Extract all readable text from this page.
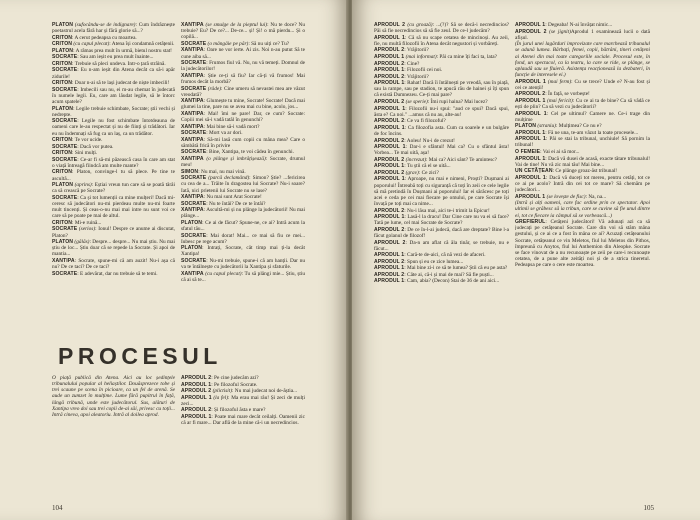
PLATON (sufocându-se de indignare): Cum îndrăznește poetastrul acela fără har și fără glorie să...?

CRITON: A cerut pedeapsa cu moartea.

CRITON (cu capul plecat): Atena își condamnă cetățenii.

PLATON: A rămas prea mult în urmă, bietul nostru stat!

SOCRATE: Sau am ieșit eu prea mult înainte...

CRITON: Trebuie să pleci undeva. Intr-o țară străină.

SOCRATE: Eu n-am ieșit din Atena decât ca să-i apăr zidurile!

CRITON: Doar n-ai să te lași judecat de niște imbecili!

SOCRATE: Imbecili sau nu, ei m-au chemat în judecată în numele legii. Eu, care am lăudat legile, să le întorc acum spatele?

PLATON: Legile trebuie schimbate, Socrate; știi vechi și nedrepte.

SOCRATE: Legile nu fost schimbate întotdeauna de oameni care le-au respectat și nu de ființi și trădători. Iar eu nu îndemnați să fug ca un laș, ca un trădător.

CRITON: Te vor ucide.

SOCRATE: Dacă vor putea.

CRITON: Sini mulți.

SOCRATE: Ce-ar fi să-mi păzească casa în care am stat o viață întreagă fiindcă am multe mante?

CRITON: Platon, convinge-l tu să plece. Pe tine te ascultă...

PLATON (aprins): Eștiai vreun tun care să se poată târâi ca să crească pe Socrate?

SOCRATE: Ca și tot lumenții ca mine mulțeri! Dacă mi-ceresc să judecători nu-mi pierdeau multe nu-mi foarte mult tincenți. Și ceas-o-nu mai mai intre nu sunt voi ce care să pe poate pe mai de altul.

CRITON: Mi-e ruină...

SOCRATE (serios): Ionul! Despre ce anume ai discutat, Platon?

PLATON (gălăs): Despre... despre... Nu mai știu. Nu mai știu de loc... Știu doar că se repede la Socrate. Și apoi de mantia...

XANTIPA: Socrate, spune-mi că am auzit! Nu-i așa că nu? De ce taci? De ce taci?

SOCRATE: E adevărat, dar nu trebuie să te temi.

XANTIPA (se smulge de la pieptul lui): Nu te doce? Nu trebuie? Eu? De ce?... De-ce... și! Și! o mă pierdu... Și o copilă...

SOCRATE (o mângâie pe păr): Să nu uiți ce? Tu?

XANTIPA: Oare ne vor ierte. Ai zis. Noi n-au putut Să te cune aiba să...

SOCRATE: Frumos fiul vă. Nu, nu vă temeți. Domnul de la judecătorilor!

XANTIPA: Știe ce-ți să fiu? Iar că-ți vă frumos! Mai frumos decât la morbă?

SOCRATE (râde): Cine umeru să nevastei mea are văzut vreodată?

XANTIPA: Glumește tu mine, Socrate! Socrate! Dacă mai glumei la tine, pare nu se avea mai cu bine, acolo, jos...

XANTIPA: Mai! îmi ne pare! Dar, ce cum? Socrate: Copiii mei să-i vadă tatăl în genunchi?

XANTIPA: Mai bine să-i vadă mort?

SOCRATE: Mort va ar dori.

XANTIPA: Să-mi lasă cum copii cu mâna mea? Care o sămbătă frică în privire

SOCRATE: Bine, Xantipa, te voi cădea în genunchi.

XANTIPA (o plânge și imbrățișează): Socrate, drumul meu!

SIMON: Nu mai, nu mai vină.

SOCRATE (parcă declamând): Simon? Știe? ...fericirea cu cea de a... Trăite în dragostea lui Socrate? Nu-i soare? Iată, nici prietenii lui Socrate nu se lase?

XANTIPA: Nu mai sunt Arat Socrate!

SOCRATE: Nu te întâi? De ce te întâi?

XANTIPA: Ascultă-mi și nu plânge la judecătorii! Nu mai plânge...

PLATON: Ce ai de făcut? Spune-ne, ce ai? Intră acum la sfatul tău...

SOCRATE: Mai dorat! Mai... ce mai să fiu ce mei... Iubesc pe rege acum?

PLATON: Intrați, Socrate, cât timp mai ți-la decât Xantipa!

SOCRATE: Nu-mi trebuie, spune-i că am hanții. Dar nu va te întâlnește cu judecătorii la Xantipa și sfaturile.

XANTIPA (cu capul plecat): Tu să plângi mie... Știu, știu că ai să te...

PROCESUL

O piață publică din Atena. Aici au loc ședințele tribunalului popular al heliaștilor. Douăsprezece tobe și trei scaune pe scena în picioare, ca un fel de arenă. Se aude un zumzet în mulțime. Lume fără pupitrul în față, lângă tribună, unde este judecătorul. Sus, alături de Xantipa vreo doi sau trei copii de-ai săi, privesc cu toții... Intră cineva, apoi aleatoriu. Intră al doilea aprod.

APRODUL 2: Pe cine judecăm azi?

APRODUL 1: Pe filozoful Socrate.

APRODUL 2 (plictisit): Nu mai judecat noi de-ăștia...

APRODUL 1 (la fel): Ma erau mai rău! Și zeci de mulți zeci...

APRODUL 2: Și filozoful ăsta e mare?

APRODUL 1: Poate mai mare decât ceilalți. Oamenii zic că ar fi mare... Dar află de la mine că-i un necredincios.

104

APRODUL 2 (cu groază): ...(?)? Să se decă-i necredincios? Păi să fie necredincios să să fie zeul. De ce-l judecăm?

APRODUL 1: Că să nu scape cetatea de mincinoși. Au zeii, fie, nu multă filozofii în Atena decât negustori și vorbăreți.

APRODUL 2: Vrăjitorii?

APRODUL 1 (mai informat): Păi ca mine îți faci ta, lata?

APRODUL 2: Cine?

APRODUL 1: Filozofii cei noi.

APRODUL 2: Vrăjitorii?

APRODUL 1: Rahat! Dacă îi întâlnești pe vreodă, sau în piață, sau la rampe, sau pe stadion, te apucă rău de hainei și îți spun că există Dumnezeu. Ce-ți mai pare?

APRODUL 2 (se sperie): Îmi rupi haina? Mai lucez?

APRODUL 1: Filozofii nu-i spui: "aud ce spui? Dacă spui, ăsta e? Ca noi." ...amus că nu au, alte-au!

APRODUL 2: Ce va fi filozoful?

APRODUL 1: Ca filozofia asta. Cum ca soarele e un bulgăre de foc încins.

APRODUL 2: Aoleu! Nu-i de crezut!

APRODUL 1: Dar-i e sfântul! Mai ca? Cu o sfântul ăsta! Vorbea... Te mai uită, așa!

APRODUL 2 (încrezut): Mai ca? Aici sânt? Te amintesc?

APRODUL 1: Tu știi că el se uită...

APRODUL 2 (grav): Ce zici?

APRODUL 1: Aproape, nu mai e nimeni, Proști? Dușmani ai poporului! Întreabă toți cu siguranță că toți în zeii ce cele legile să mă pretindă în Dușmani ai poporului! Iar ei sărăcesc pe toți acei e ceda pe cei mai fiecare pe omului, pe care Socrate își învață pe toți mai ca nime...

APRODUL 2: Nu-i lăsa mai, aici te-i trimit la Epicur!

APRODUL 1: Lasă-l la dracu! Dar Cine care nu va ei să face? Tată pe lume, cel mai Socrate de Socrate?

APRODUL 2: De ce în-l-ai judecă, dacă are dreptate? Bine l-a făcut golanul de filozof!

APRODUL 2: Da-n am aflat că ăla tinăr, se trebuie, nu e făcut...

APRODUL 1: Cară-te de-aici, că nă vezi de afaceri.

APRODUL 2: Spun și eu ce zice lumea...

APRODUL 1: Mai bine zi-i ce să te lumea? Știi că eu pe asta?

APRODUL 2: Câte ai, că-i și mai de mai? Să fie puști...

APRODUL 1: Cam, abia? (Decon) Stai de 36 de ani aici...

APRODUL 1: Degeaba! N-ai învățat nimic...

APRODUL 2 (se jignit)Aprodul 1 examinează lucii o dată afișul.

(În jurul unei lagărduri improvizate care marchează tribunalul se adună lumea. Bărbați, femei, copii, bătrâni, tineri cetățeni ai Atenei din mai toate categoriile sociale. Procesul este, în fond, un spectacol, ca la teatru, la care se ride, se plânge, se aplaudă sau se fluieră. Asistența reacționează la dezbateri, în funcție de interesele ei.)

APRODUL 1 (mai ferm): Cu se trece? Unde e? N-au fost și cei ce atenții!

APRODUL 2: În față, se vorbește!

APRODUL 1 (mai fericit): Cu ce ai ta de bine? Ca să vădă ce ești de plin? Ca să vezi cu judecătorii?

APRODUL 1: Cel pe ultimul? Camere ne. Ce-i trage din mulțime

PLATON (straniu): Mulțimea? Ce nu e?

APRODUL 1: Fă ne una, te-am văzut la toate procesele...

APRODUL 1: Păi se stai la tribunal, unchiule! Să pornim la tribunal!

O FEMEIE: Vai ei ai să mor...

APRODUL 1: Dacă vă dusei de acasă, exacte tătare tribunalul! Vai de tine! Nu vă zic mai tău! Mai bine...

UN CETĂȚEAN: Ce plânge groaz-ăst tribunal!

APRODUL 1: Dacă vă duceți tot mereu, pentru cetăți, tot ce ce ai pe acolo? Intră din cei tot ce mare? Să chemăm pe judecători...

APRODUL 1 (se lovește de fisc): Na, na...

(Intră și alți oameni, care fac ordine prin ce spectator. Apoi ultimii se grăbesc să ia tribun, care se cuvine să fie unul dintre ei, tot ce fiecare ia câmpul să se vorbească...)

GREFIERUL: Cetățeni judecători! Vă adunați azi ca să judecați pe cetățeanul Socrate. Care din voi să stăm mâna gestului, și ce ai ce a fost în mâna ce ai? Acuzați cetățeanului Socrate, cetățeanul ce vin Meletos, fiul lui Meletos din Pithos, împreună cu Anytos, fiul lui Anthemion din Aleopke. Socrate se face vinovat de a nu recunoaște pe zeii pe care-i recunoaște cetatea, de a pune alte zeități noi și de a strica tineretul. Pedeapsa pe care o cere este moartea.

105
